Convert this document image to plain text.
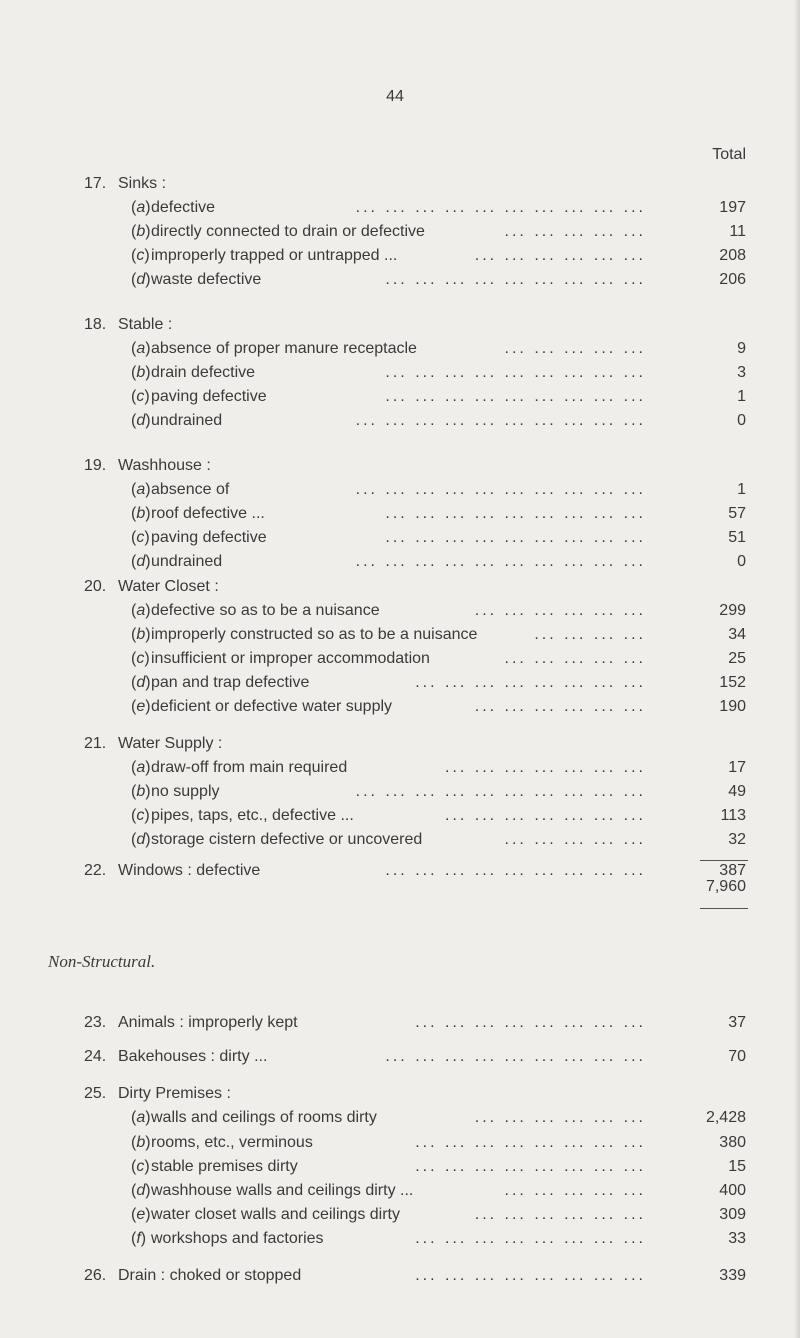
44
Total
17. Sinks :
(a) defective	197
... ... ... ... ... ... ... ... ... ...
(b) directly connected to drain or defective	11
... ... ... ... ...
(c) improperly trapped or untrapped ...	208
... ... ... ... ... ...
(d) waste defective	206
... ... ... ... ... ... ... ... ...
18. Stable :
(a) absence of proper manure receptacle	9
... ... ... ... ...
(b) drain defective	3
... ... ... ... ... ... ... ... ...
(c) paving defective	1
... ... ... ... ... ... ... ... ...
(d) undrained	0
... ... ... ... ... ... ... ... ... ...
19. Washhouse :
(a) absence of	1
... ... ... ... ... ... ... ... ... ...
(b) roof defective ...	57
... ... ... ... ... ... ... ... ...
(c) paving defective	51
... ... ... ... ... ... ... ... ...
(d) undrained	0
... ... ... ... ... ... ... ... ... ...
20. Water Closet :
(a) defective so as to be a nuisance	299
... ... ... ... ... ...
(b) improperly constructed so as to be a nuisance	34
... ... ... ...
(c) insufficient or improper accommodation	25
... ... ... ... ...
(d) pan and trap defective	152
... ... ... ... ... ... ... ...
(e) deficient or defective water supply	190
... ... ... ... ... ...
21. Water Supply :
(a) draw-off from main required	17
... ... ... ... ... ... ...
(b) no supply	49
... ... ... ... ... ... ... ... ... ...
(c) pipes, taps, etc., defective ...	113
... ... ... ... ... ... ...
(d) storage cistern defective or uncovered	32
... ... ... ... ...
22. Windows : defective	387
... ... ... ... ... ... ... ... ...
23. Animals : improperly kept	37
... ... ... ... ... ... ... ...
24. Bakehouses : dirty ...	70
... ... ... ... ... ... ... ... ...
25. Dirty Premises :
(a) walls and ceilings of rooms dirty	2,428
... ... ... ... ... ...
(b) rooms, etc., verminous	380
... ... ... ... ... ... ... ...
(c) stable premises dirty	15
... ... ... ... ... ... ... ...
(d) washhouse walls and ceilings dirty ...	400
... ... ... ... ...
(e) water closet walls and ceilings dirty	309
... ... ... ... ... ...
(f) workshops and factories	33
... ... ... ... ... ... ... ...
26. Drain : choked or stopped	339
... ... ... ... ... ... ... ...
7,960
Non-Structural.
